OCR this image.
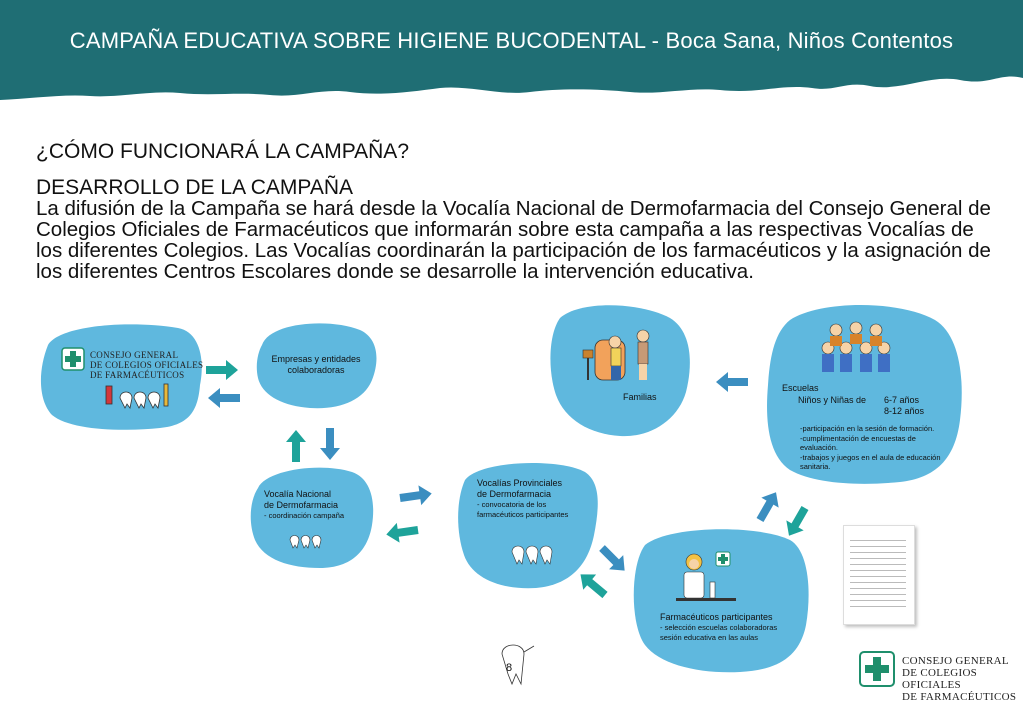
CAMPAÑA EDUCATIVA SOBRE HIGIENE BUCODENTAL - Boca Sana, Niños Contentos
¿CÓMO FUNCIONARÁ LA CAMPAÑA?
DESARROLLO DE LA CAMPAÑA
La difusión de la Campaña se hará desde la Vocalía Nacional de Dermofarmacia del Consejo General de Colegios Oficiales de Farmacéuticos que informarán sobre esta campaña a las respectivas Vocalías de los diferentes Colegios. Las Vocalías coordinarán la participación de los farmacéuticos y la asignación de los diferentes Centros Escolares donde se desarrolle la intervención educativa.
CONSEJO GENERAL
DE COLEGIOS OFICIALES
DE FARMACÉUTICOS
Empresas y entidades colaboradoras
Familias
Escuelas
Niños y Niñas de 6-7 años
8-12 años
-participación en la sesión de formación.
-cumplimentación de encuestas de evaluación.
-trabajos y juegos en el aula de educación sanitaria.
Vocalía Nacional
de Dermofarmacia
- coordinación campaña
Vocalías Provinciales
de Dermofarmacia
- convocatoria de los
farmacéuticos participantes
Farmacéuticos participantes
- selección escuelas colaboradoras
sesión educativa en las aulas
8
CONSEJO GENERAL
DE COLEGIOS OFICIALES
DE FARMACÉUTICOS
